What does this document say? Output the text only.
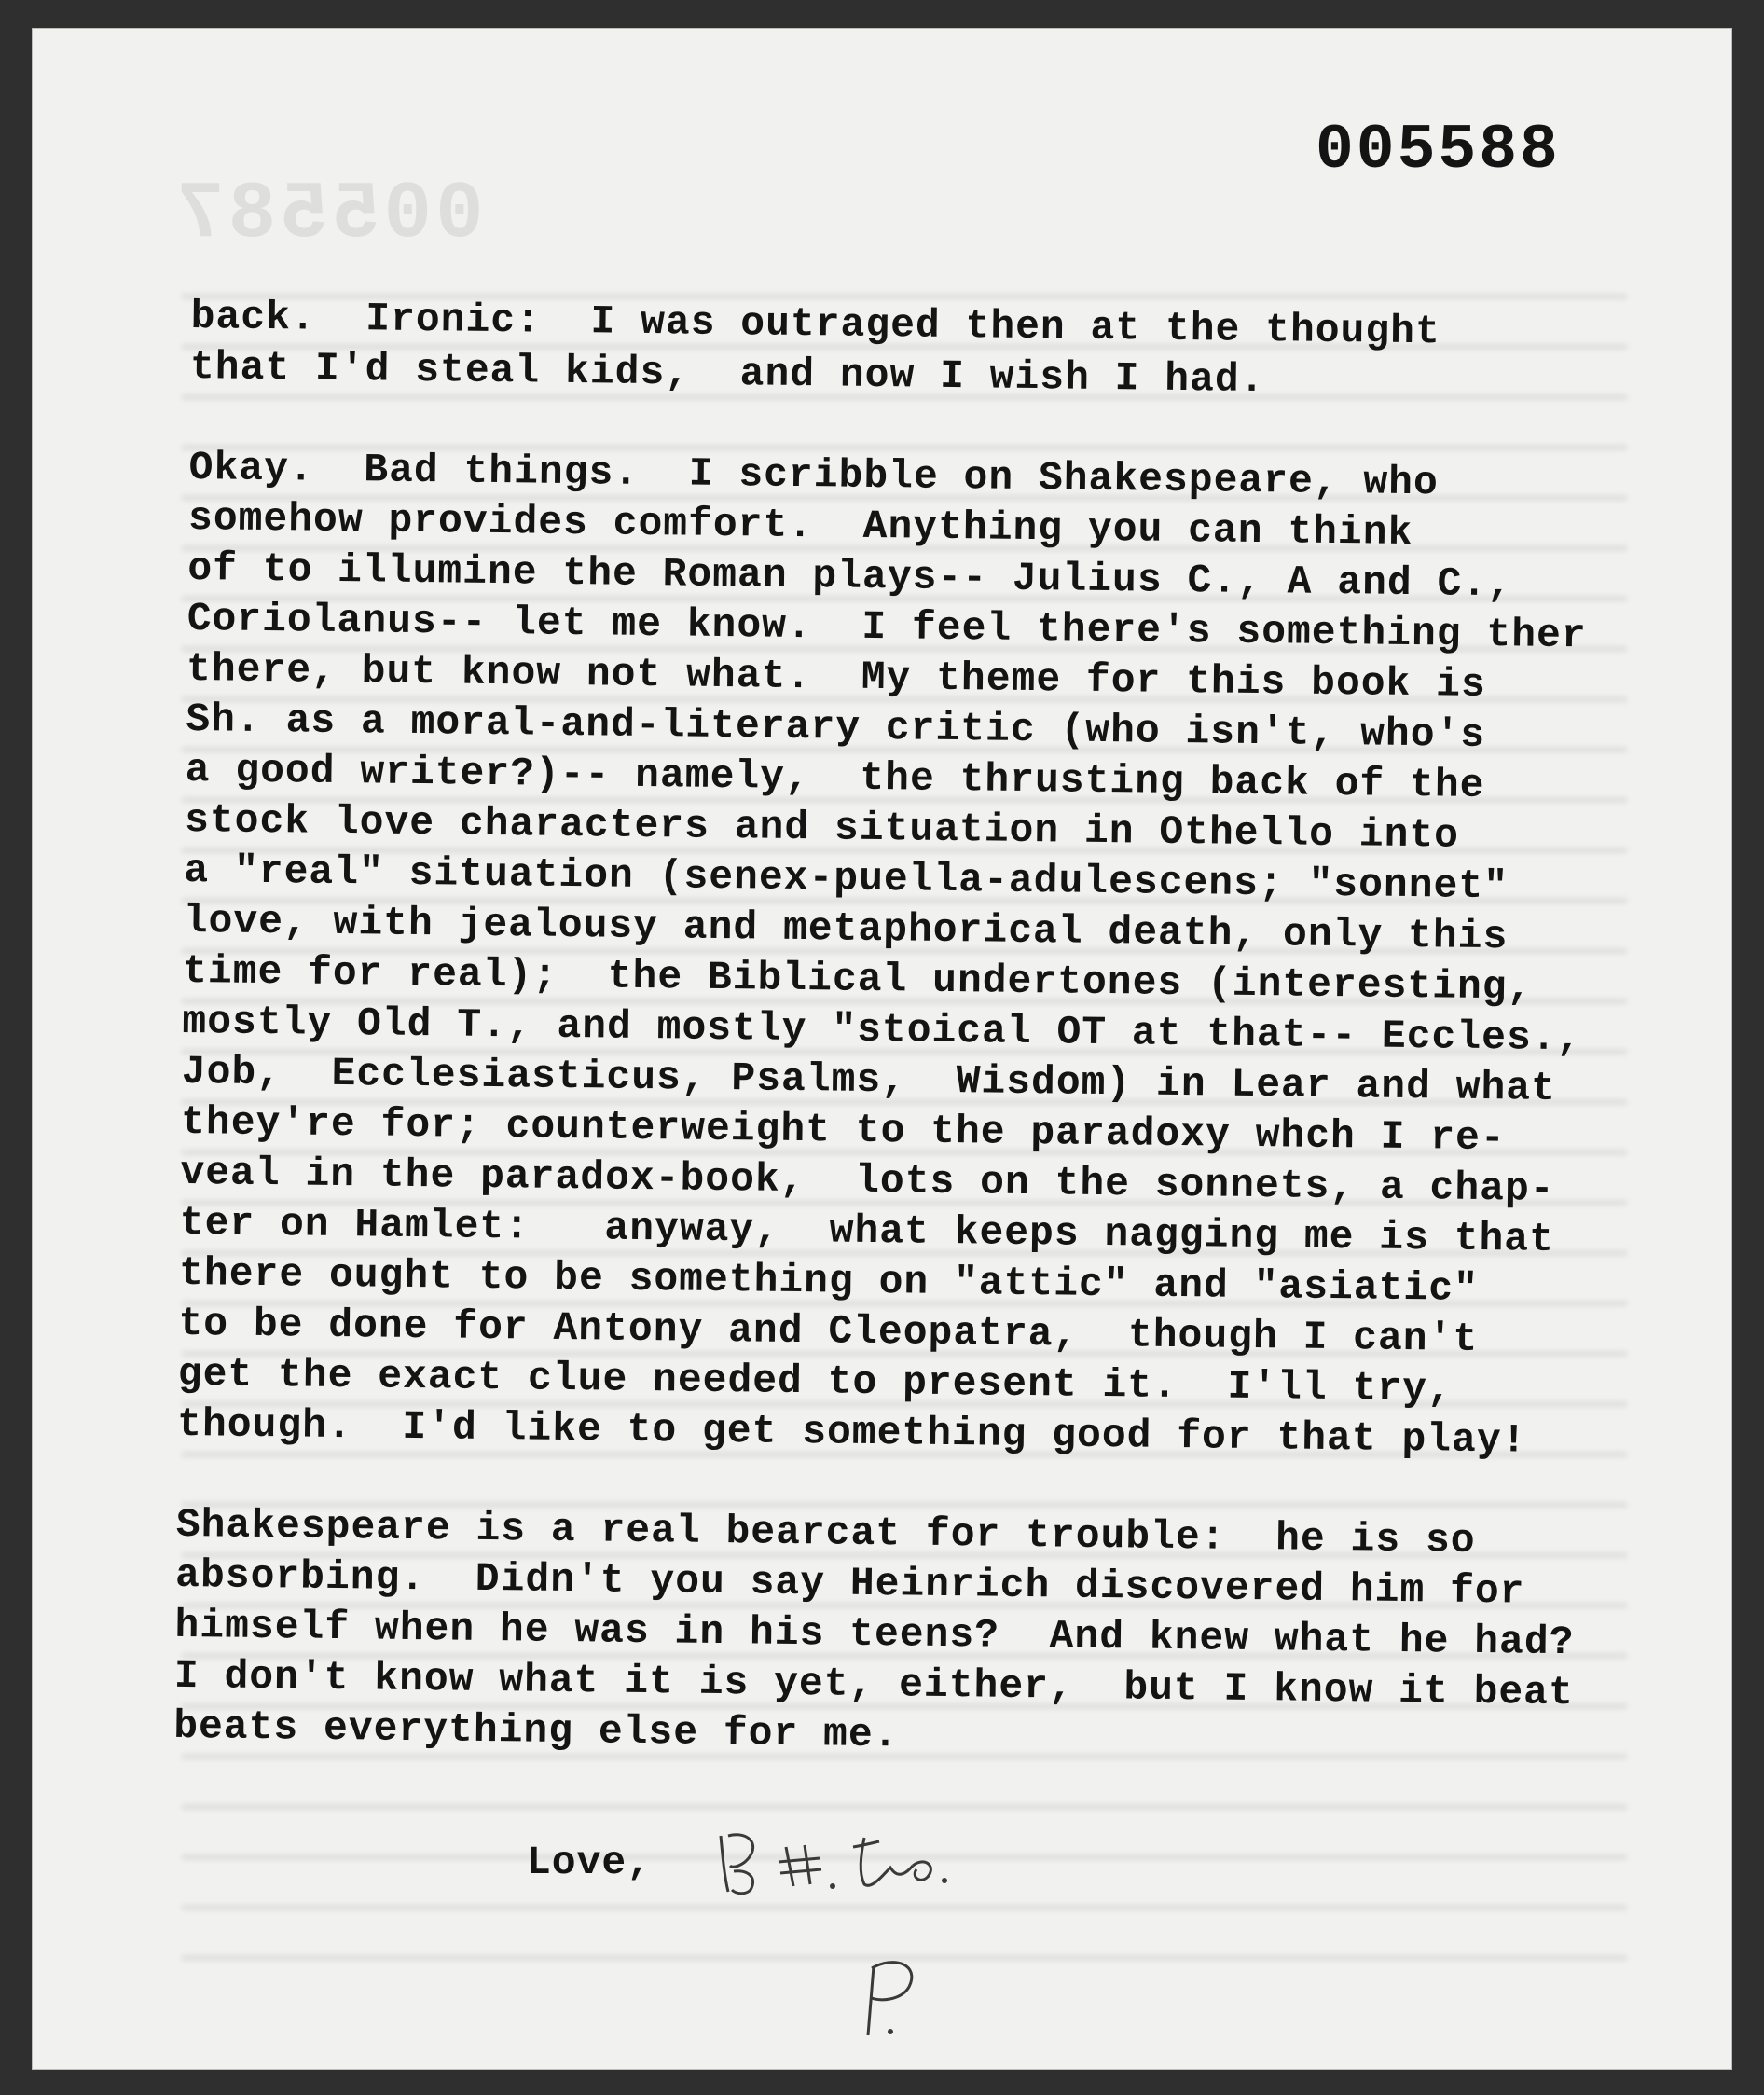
005587
005588
back.  Ironic:  I was outraged then at the thought
that I'd steal kids,  and now I wish I had.
Okay.  Bad things.  I scribble on Shakespeare, who
somehow provides comfort.  Anything you can think
of to illumine the Roman plays-- Julius C., A and C.,
Coriolanus-- let me know.  I feel there's something ther
there, but know not what.  My theme for this book is
Sh. as a moral-and-literary critic (who isn't, who's
a good writer?)-- namely,  the thrusting back of the
stock love characters and situation in Othello into
a "real" situation (senex-puella-adulescens; "sonnet"
love, with jealousy and metaphorical death, only this
time for real);  the Biblical undertones (interesting,
mostly Old T., and mostly "stoical OT at that-- Eccles.,
Job,  Ecclesiasticus, Psalms,  Wisdom) in Lear and what
they're for; counterweight to the paradoxy whch I re-
veal in the paradox-book,  lots on the sonnets, a chap-
ter on Hamlet:   anyway,  what keeps nagging me is that
there ought to be something on "attic" and "asiatic"
to be done for Antony and Cleopatra,  though I can't
get the exact clue needed to present it.  I'll try,
though.  I'd like to get something good for that play!
Shakespeare is a real bearcat for trouble:  he is so
absorbing.  Didn't you say Heinrich discovered him for
himself when he was in his teens?  And knew what he had?
I don't know what it is yet, either,  but I know it beat
beats everything else for me.
Love,
